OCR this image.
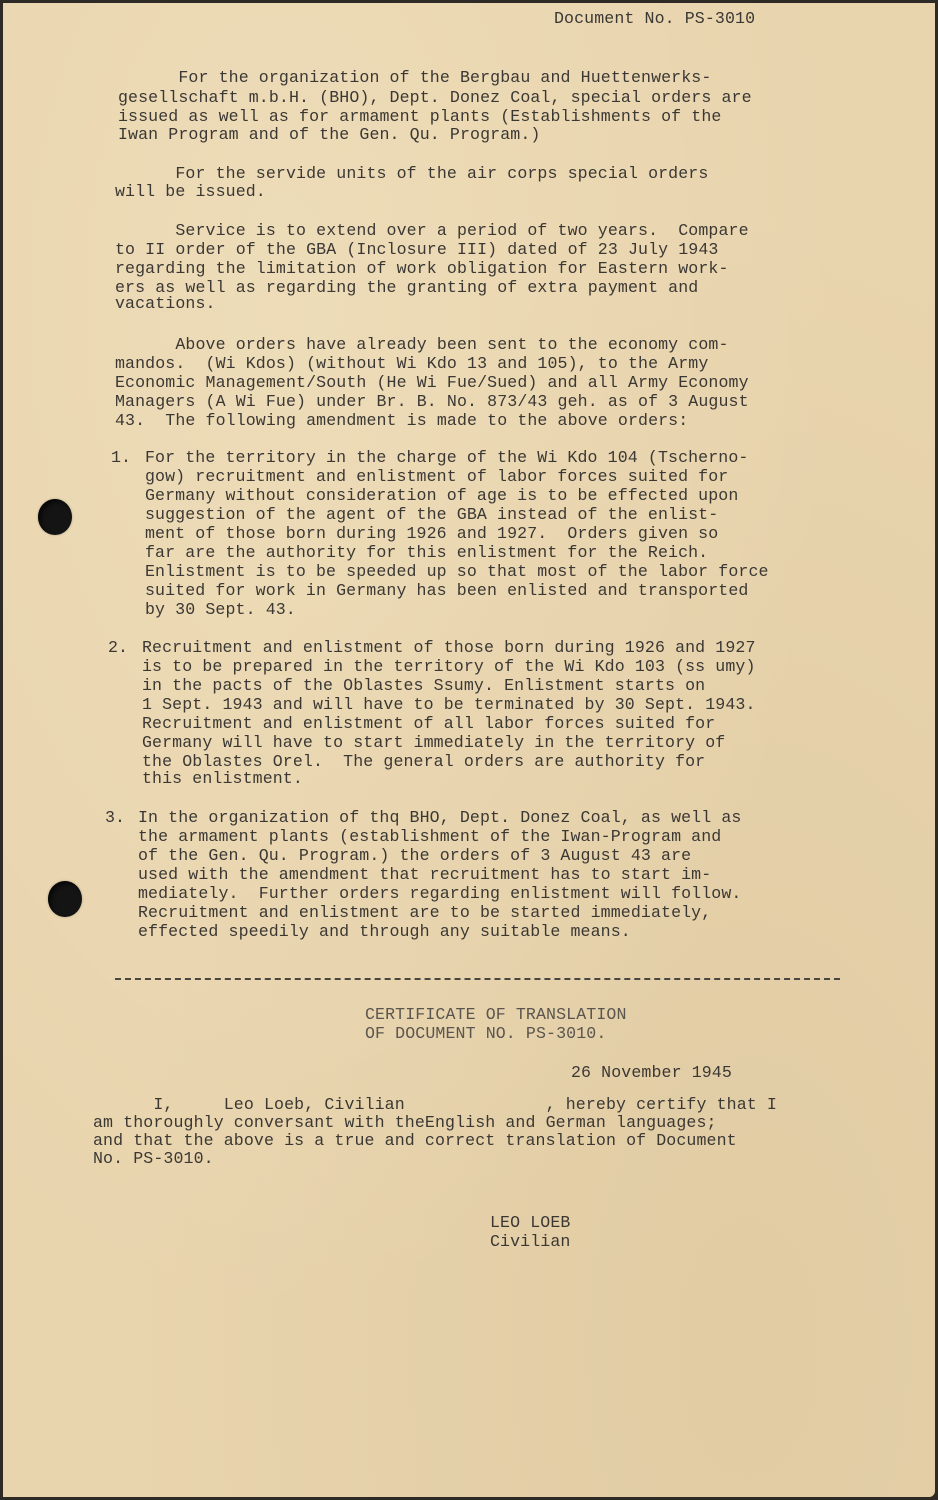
Document No. PS-3010

For the organization of the Bergbau and Huettenwerks-

gesellschaft m.b.H. (BHO), Dept. Donez Coal, special orders are

issued as well as for armament plants (Establishments of the

Iwan Program and of the Gen. Qu. Program.)

For the servide units of the air corps special orders

will be issued.

Service is to extend over a period of two years.  Compare

to II order of the GBA (Inclosure III) dated of 23 July 1943

regarding the limitation of work obligation for Eastern work-

ers as well as regarding the granting of extra payment and

vacations.

Above orders have already been sent to the economy com-

mandos.  (Wi Kdos) (without Wi Kdo 13 and 105), to the Army

Economic Management/South (He Wi Fue/Sued) and all Army Economy

Managers (A Wi Fue) under Br. B. No. 873/43 geh. as of 3 August

43.  The following amendment is made to the above orders:

1. For the territory in the charge of the Wi Kdo 104 (Tscherno-

gow) recruitment and enlistment of labor forces suited for

Germany without consideration of age is to be effected upon

suggestion of the agent of the GBA instead of the enlist-

ment of those born during 1926 and 1927.  Orders given so

far are the authority for this enlistment for the Reich.

Enlistment is to be speeded up so that most of the labor force

suited for work in Germany has been enlisted and transported

by 30 Sept. 43.

2. Recruitment and enlistment of those born during 1926 and 1927

is to be prepared in the territory of the Wi Kdo 103 (ss umy)

in the pacts of the Oblastes Ssumy. Enlistment starts on

1 Sept. 1943 and will have to be terminated by 30 Sept. 1943.

Recruitment and enlistment of all labor forces suited for

Germany will have to start immediately in the territory of

the Oblastes Orel.  The general orders are authority for

this enlistment.

3. In the organization of thq BHO, Dept. Donez Coal, as well as

the armament plants (establishment of the Iwan-Program and

of the Gen. Qu. Program.) the orders of 3 August 43 are

used with the amendment that recruitment has to start im-

mediately.  Further orders regarding enlistment will follow.

Recruitment and enlistment are to be started immediately,

effected speedily and through any suitable means.

CERTIFICATE OF TRANSLATION

OF DOCUMENT NO. PS-3010.

26 November 1945

I,     Leo Loeb, Civilian              , hereby certify that I

am thoroughly conversant with theEnglish and German languages;

and that the above is a true and correct translation of Document

No. PS-3010.

LEO LOEB

Civilian
